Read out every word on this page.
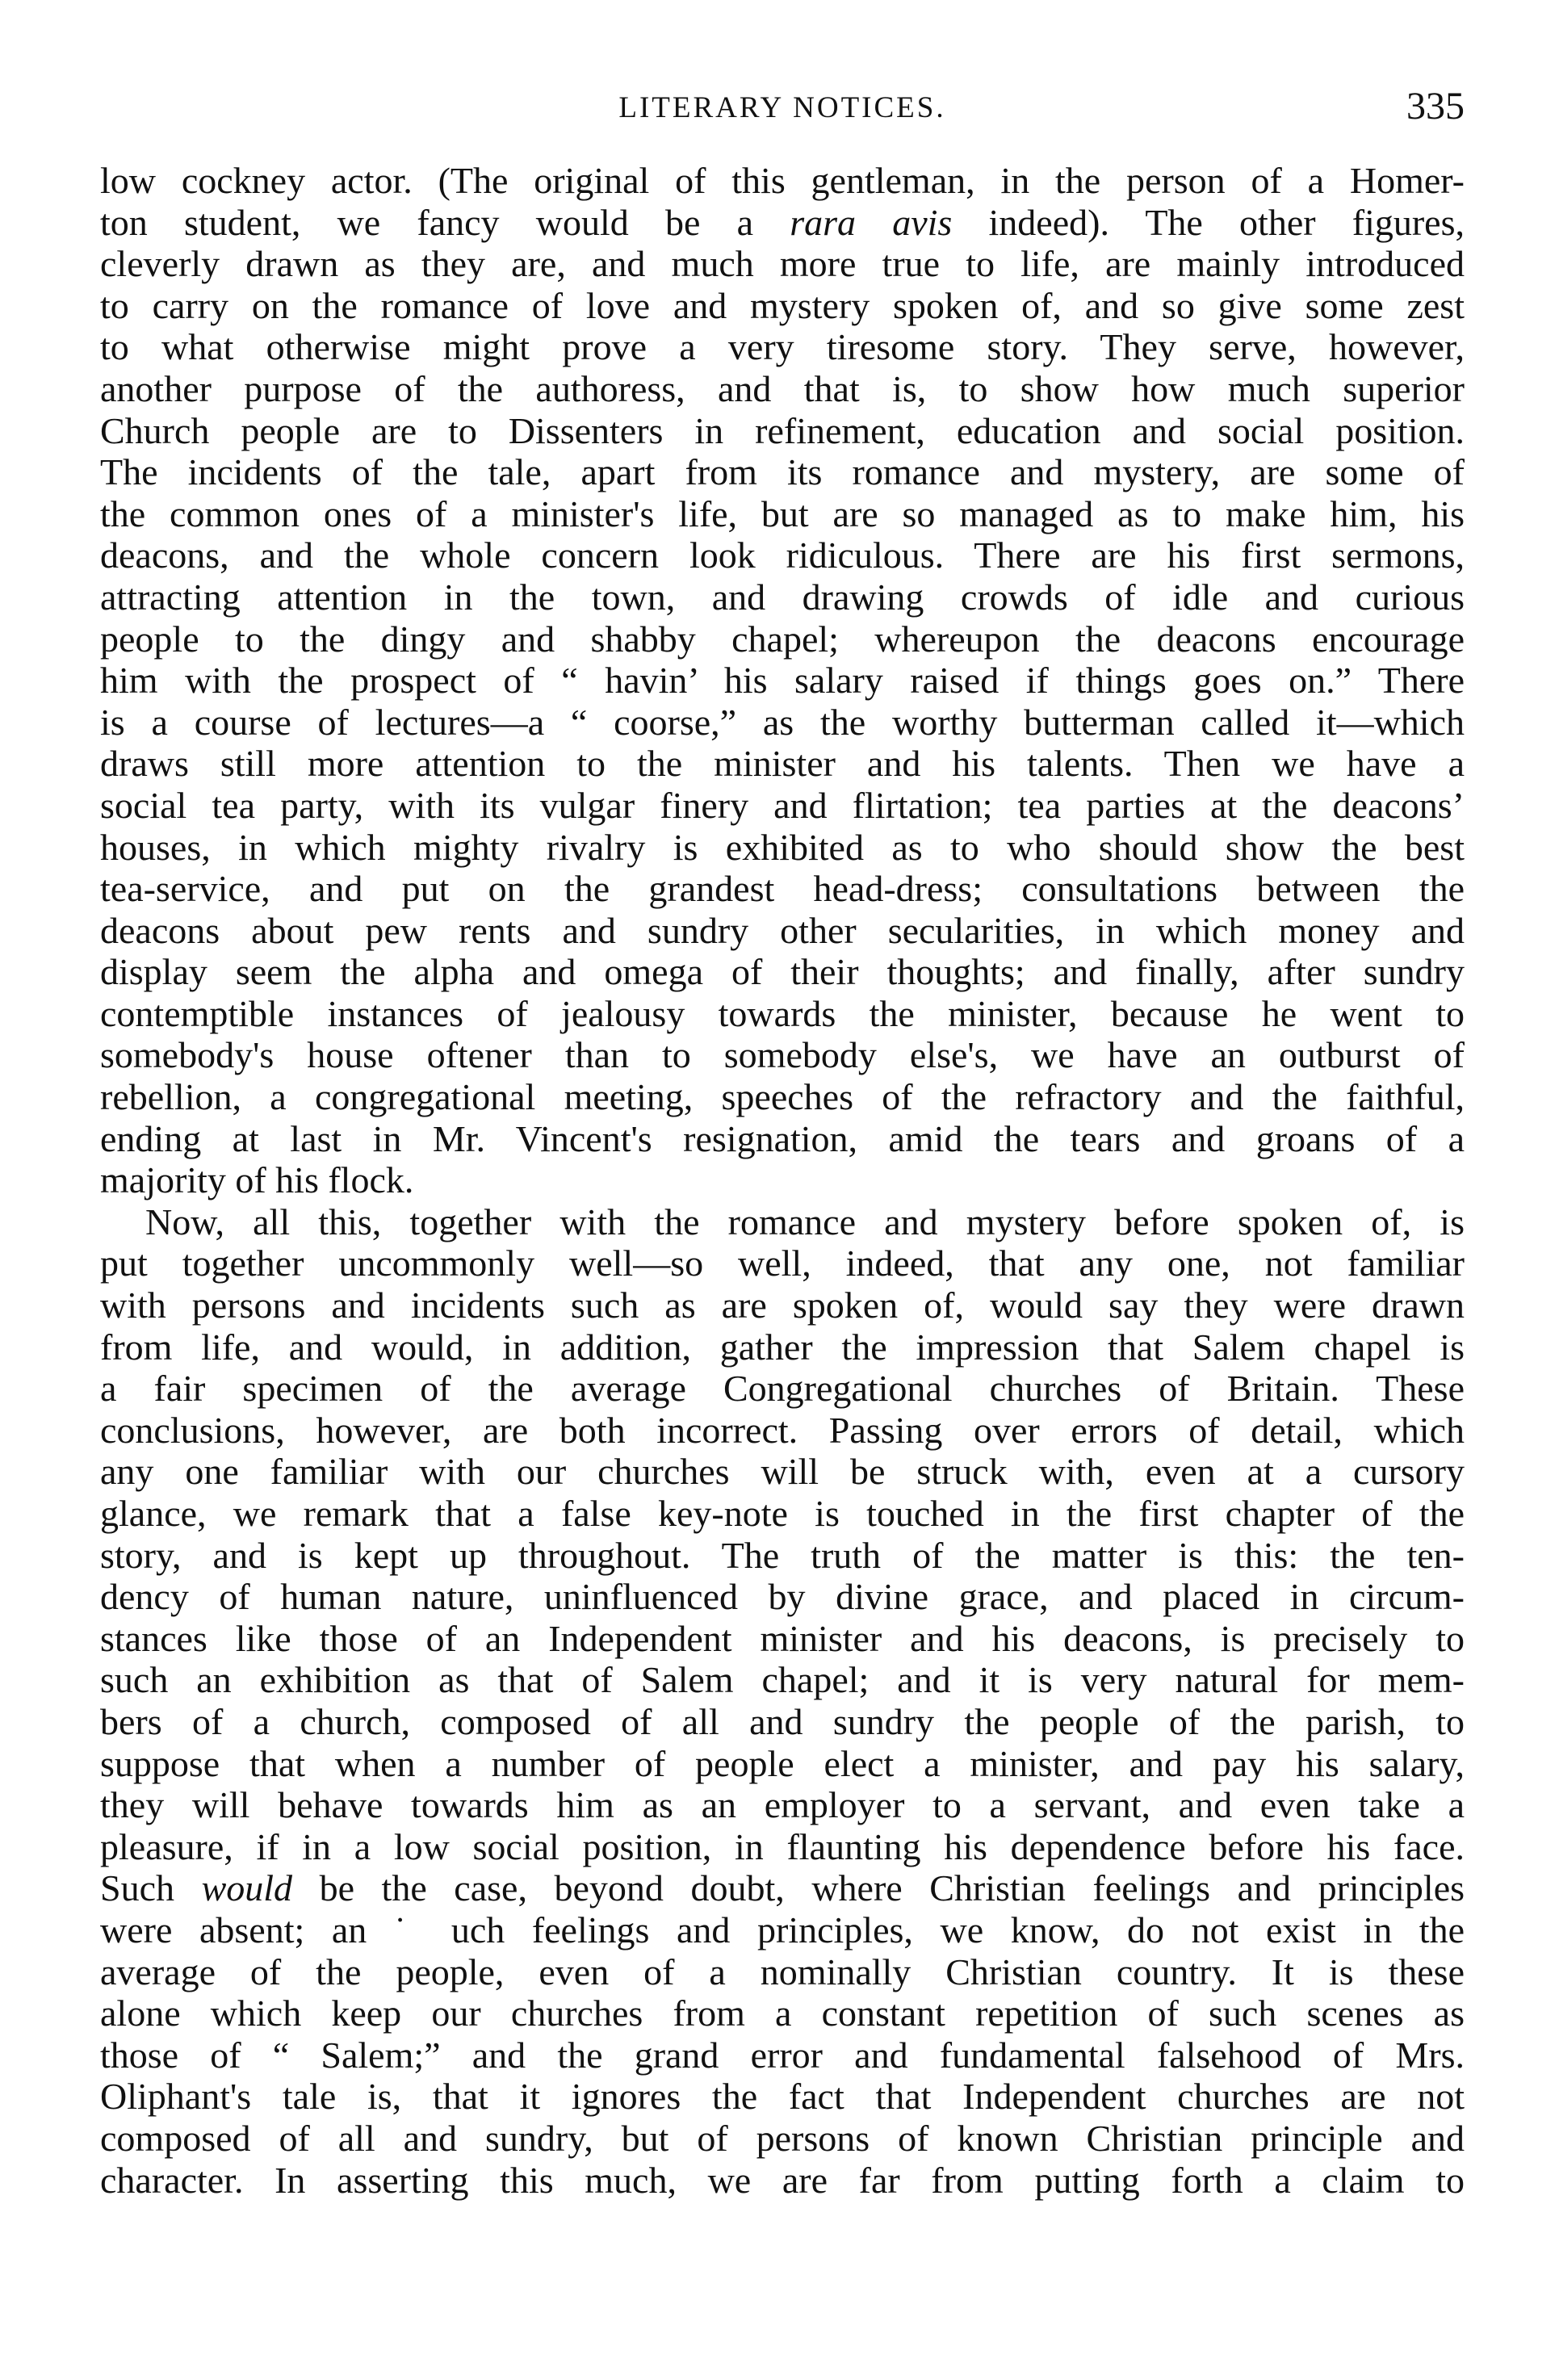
LITERARY NOTICES.	335
low cockney actor. (The original of this gentleman, in the person of a Homer-
ton student, we fancy would be a rara avis indeed). The other figures,
cleverly drawn as they are, and much more true to life, are mainly introduced
to carry on the romance of love and mystery spoken of, and so give some zest
to what otherwise might prove a very tiresome story. They serve, however,
another purpose of the authoress, and that is, to show how much superior
Church people are to Dissenters in refinement, education and social position.
The incidents of the tale, apart from its romance and mystery, are some of
the common ones of a minister's life, but are so managed as to make him, his
deacons, and the whole concern look ridiculous. There are his first sermons,
attracting attention in the town, and drawing crowds of idle and curious
people to the dingy and shabby chapel; whereupon the deacons encourage
him with the prospect of “ havin’ his salary raised if things goes on.” There
is a course of lectures—a “ coorse,” as the worthy butterman called it—which
draws still more attention to the minister and his talents. Then we have a
social tea party, with its vulgar finery and flirtation; tea parties at the deacons’
houses, in which mighty rivalry is exhibited as to who should show the best
tea-service, and put on the grandest head-dress; consultations between the
deacons about pew rents and sundry other secularities, in which money and
display seem the alpha and omega of their thoughts; and finally, after sundry
contemptible instances of jealousy towards the minister, because he went to
somebody's house oftener than to somebody else's, we have an outburst of
rebellion, a congregational meeting, speeches of the refractory and the faithful,
ending at last in Mr. Vincent's resignation, amid the tears and groans of a
majority of his flock.
Now, all this, together with the romance and mystery before spoken of, is
put together uncommonly well—so well, indeed, that any one, not familiar
with persons and incidents such as are spoken of, would say they were drawn
from life, and would, in addition, gather the impression that Salem chapel is
a fair specimen of the average Congregational churches of Britain. These
conclusions, however, are both incorrect. Passing over errors of detail, which
any one familiar with our churches will be struck with, even at a cursory
glance, we remark that a false key-note is touched in the first chapter of the
story, and is kept up throughout. The truth of the matter is this: the ten-
dency of human nature, uninfluenced by divine grace, and placed in circum-
stances like those of an Independent minister and his deacons, is precisely to
such an exhibition as that of Salem chapel; and it is very natural for mem-
bers of a church, composed of all and sundry the people of the parish, to
suppose that when a number of people elect a minister, and pay his salary,
they will behave towards him as an employer to a servant, and even take a
pleasure, if in a low social position, in flaunting his dependence before his face.
Such would be the case, beyond doubt, where Christian feelings and principles
were absent; an ˙ uch feelings and principles, we know, do not exist in the
average of the people, even of a nominally Christian country. It is these
alone which keep our churches from a constant repetition of such scenes as
those of “ Salem;” and the grand error and fundamental falsehood of Mrs.
Oliphant's tale is, that it ignores the fact that Independent churches are not
composed of all and sundry, but of persons of known Christian principle and
character. In asserting this much, we are far from putting forth a claim to
